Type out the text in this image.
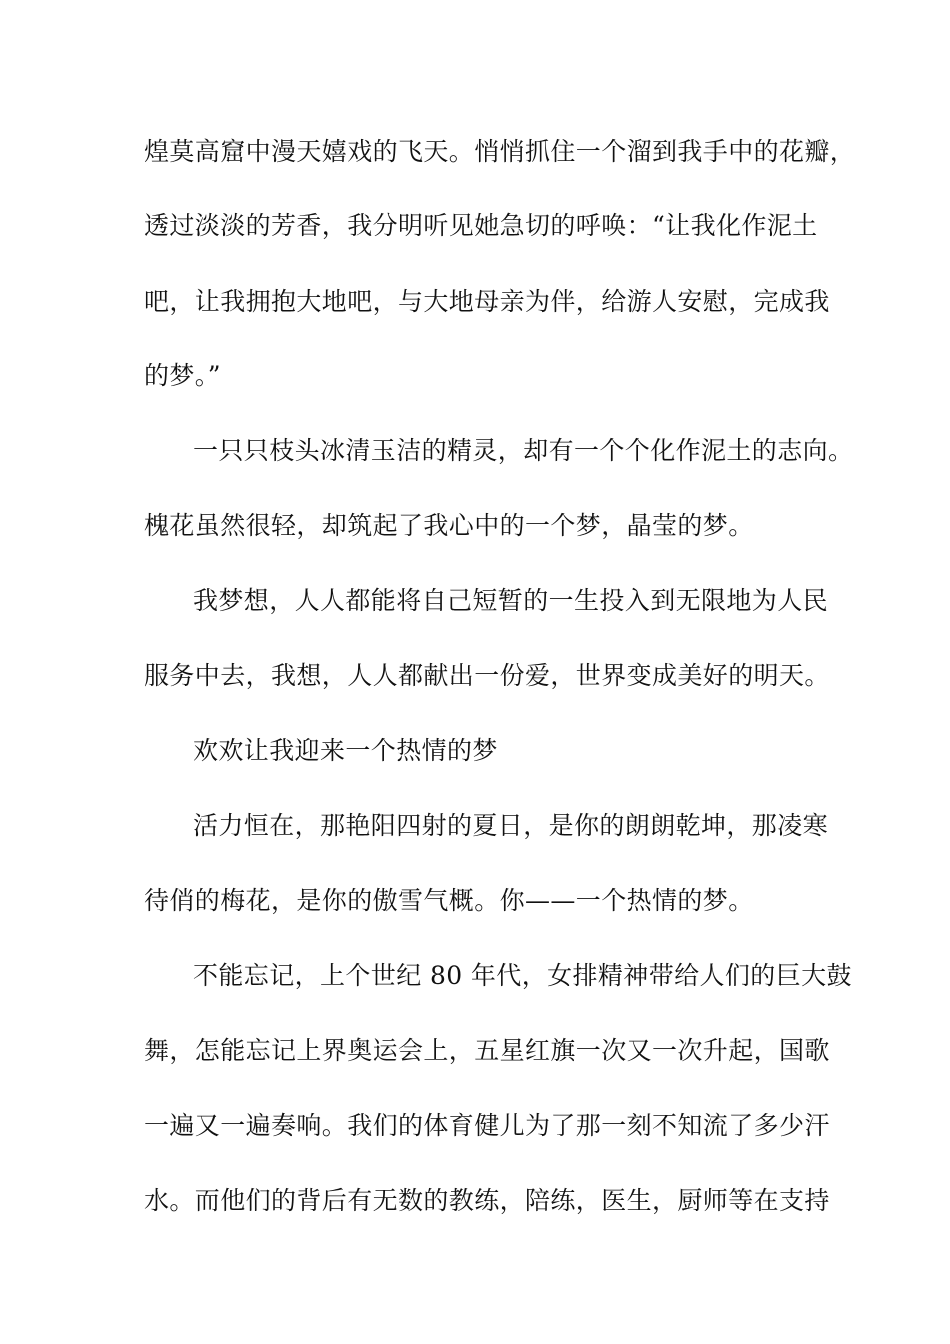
煌莫高窟中漫天嬉戏的飞天。悄悄抓住一个溜到我手中的花瓣，
透过淡淡的芳香，我分明听见她急切的呼唤：“让我化作泥土
吧，让我拥抱大地吧，与大地母亲为伴，给游人安慰，完成我
的梦。”
一只只枝头冰清玉洁的精灵，却有一个个化作泥土的志向。
槐花虽然很轻，却筑起了我心中的一个梦，晶莹的梦。
我梦想，人人都能将自己短暂的一生投入到无限地为人民
服务中去，我想，人人都献出一份爱，世界变成美好的明天。
欢欢让我迎来一个热情的梦
活力恒在，那艳阳四射的夏日，是你的朗朗乾坤，那凌寒
待俏的梅花，是你的傲雪气概。你——一个热情的梦。
不能忘记，上个世纪 80 年代，女排精神带给人们的巨大鼓
舞，怎能忘记上界奥运会上，五星红旗一次又一次升起，国歌
一遍又一遍奏响。我们的体育健儿为了那一刻不知流了多少汗
水。而他们的背后有无数的教练，陪练，医生，厨师等在支持
